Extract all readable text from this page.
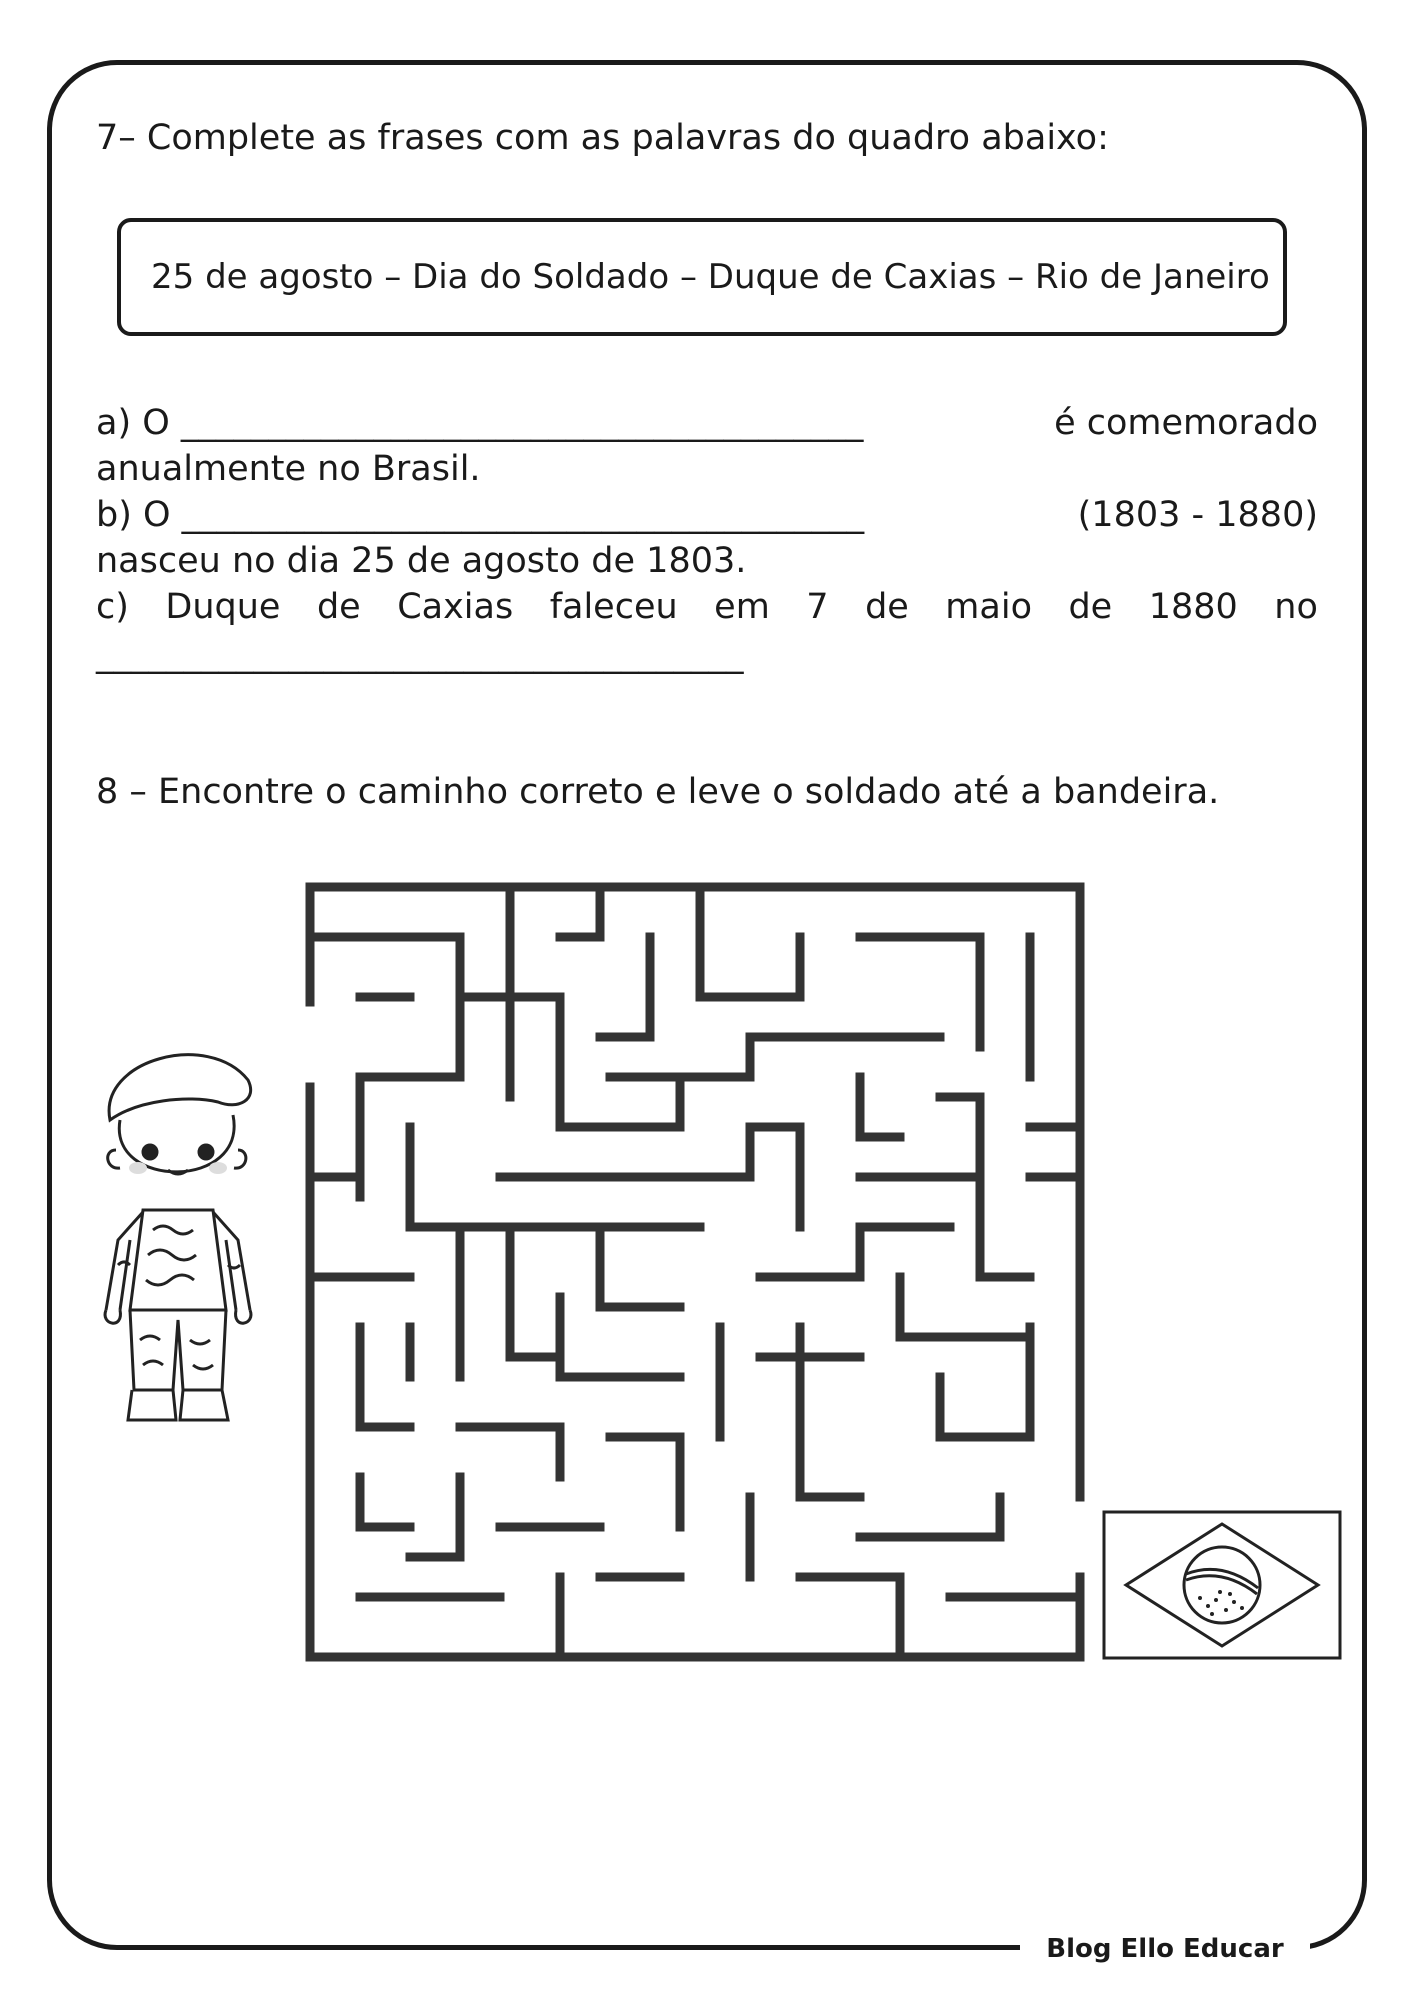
Blog Ello Educar
7– Complete as frases com as palavras do quadro abaixo:
25 de agosto – Dia do Soldado – Duque de Caxias – Rio de Janeiro
a) O _______________________________________	é comemorado
anualmente no Brasil.
b) O _______________________________________	(1803 - 1880)
nasceu no dia 25 de agosto de 1803.
c) Duque de Caxias faleceu em 7 de maio de 1880 no
_____________________________________
8 – Encontre o caminho correto e leve o soldado até a bandeira.
